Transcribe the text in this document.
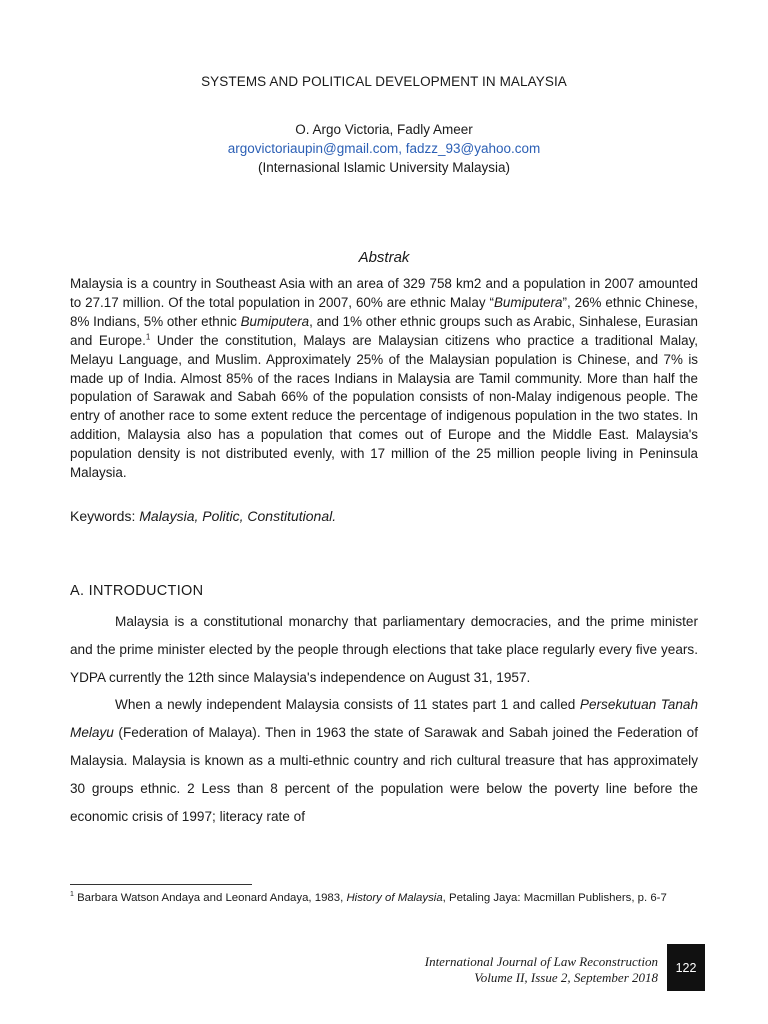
SYSTEMS AND POLITICAL DEVELOPMENT IN MALAYSIA
O. Argo Victoria, Fadly Ameer
argovictoriaupin@gmail.com, fadzz_93@yahoo.com
(Internasional Islamic University Malaysia)
Abstrak

Malaysia is a country in Southeast Asia with an area of 329 758 km2 and a population in 2007 amounted to 27.17 million. Of the total population in 2007, 60% are ethnic Malay “Bumiputera”, 26% ethnic Chinese, 8% Indians, 5% other ethnic Bumiputera, and 1% other ethnic groups such as Arabic, Sinhalese, Eurasian and Europe.$^1$ Under the constitution, Malays are Malaysian citizens who practice a traditional Malay, Melayu Language, and Muslim. Approximately 25% of the Malaysian population is Chinese, and 7% is made up of India. Almost 85% of the races Indians in Malaysia are Tamil community. More than half the population of Sarawak and Sabah 66% of the population consists of non-Malay indigenous people. The entry of another race to some extent reduce the percentage of indigenous population in the two states. In addition, Malaysia also has a population that comes out of Europe and the Middle East. Malaysia's population density is not distributed evenly, with 17 million of the 25 million people living in Peninsula Malaysia.

Keywords: Malaysia, Politic, Constitutional.
A. INTRODUCTION

Malaysia is a constitutional monarchy that parliamentary democracies, and the prime minister and the prime minister elected by the people through elections that take place regularly every five years. YDPA currently the 12th since Malaysia's independence on August 31, 1957.

When a newly independent Malaysia consists of 11 states part 1 and called Persekutuan Tanah Melayu (Federation of Malaya). Then in 1963 the state of Sarawak and Sabah joined the Federation of Malaysia. Malaysia is known as a multi-ethnic country and rich cultural treasure that has approximately 30 groups ethnic. 2 Less than 8 percent of the population were below the poverty line before the economic crisis of 1997; literacy rate of

$^1$ Barbara Watson Andaya and Leonard Andaya, 1983, History of Malaysia, Petaling Jaya: Macmillan Publishers, p. 6-7

International Journal of Law Reconstruction
Volume II, Issue 2, September 2018
122
